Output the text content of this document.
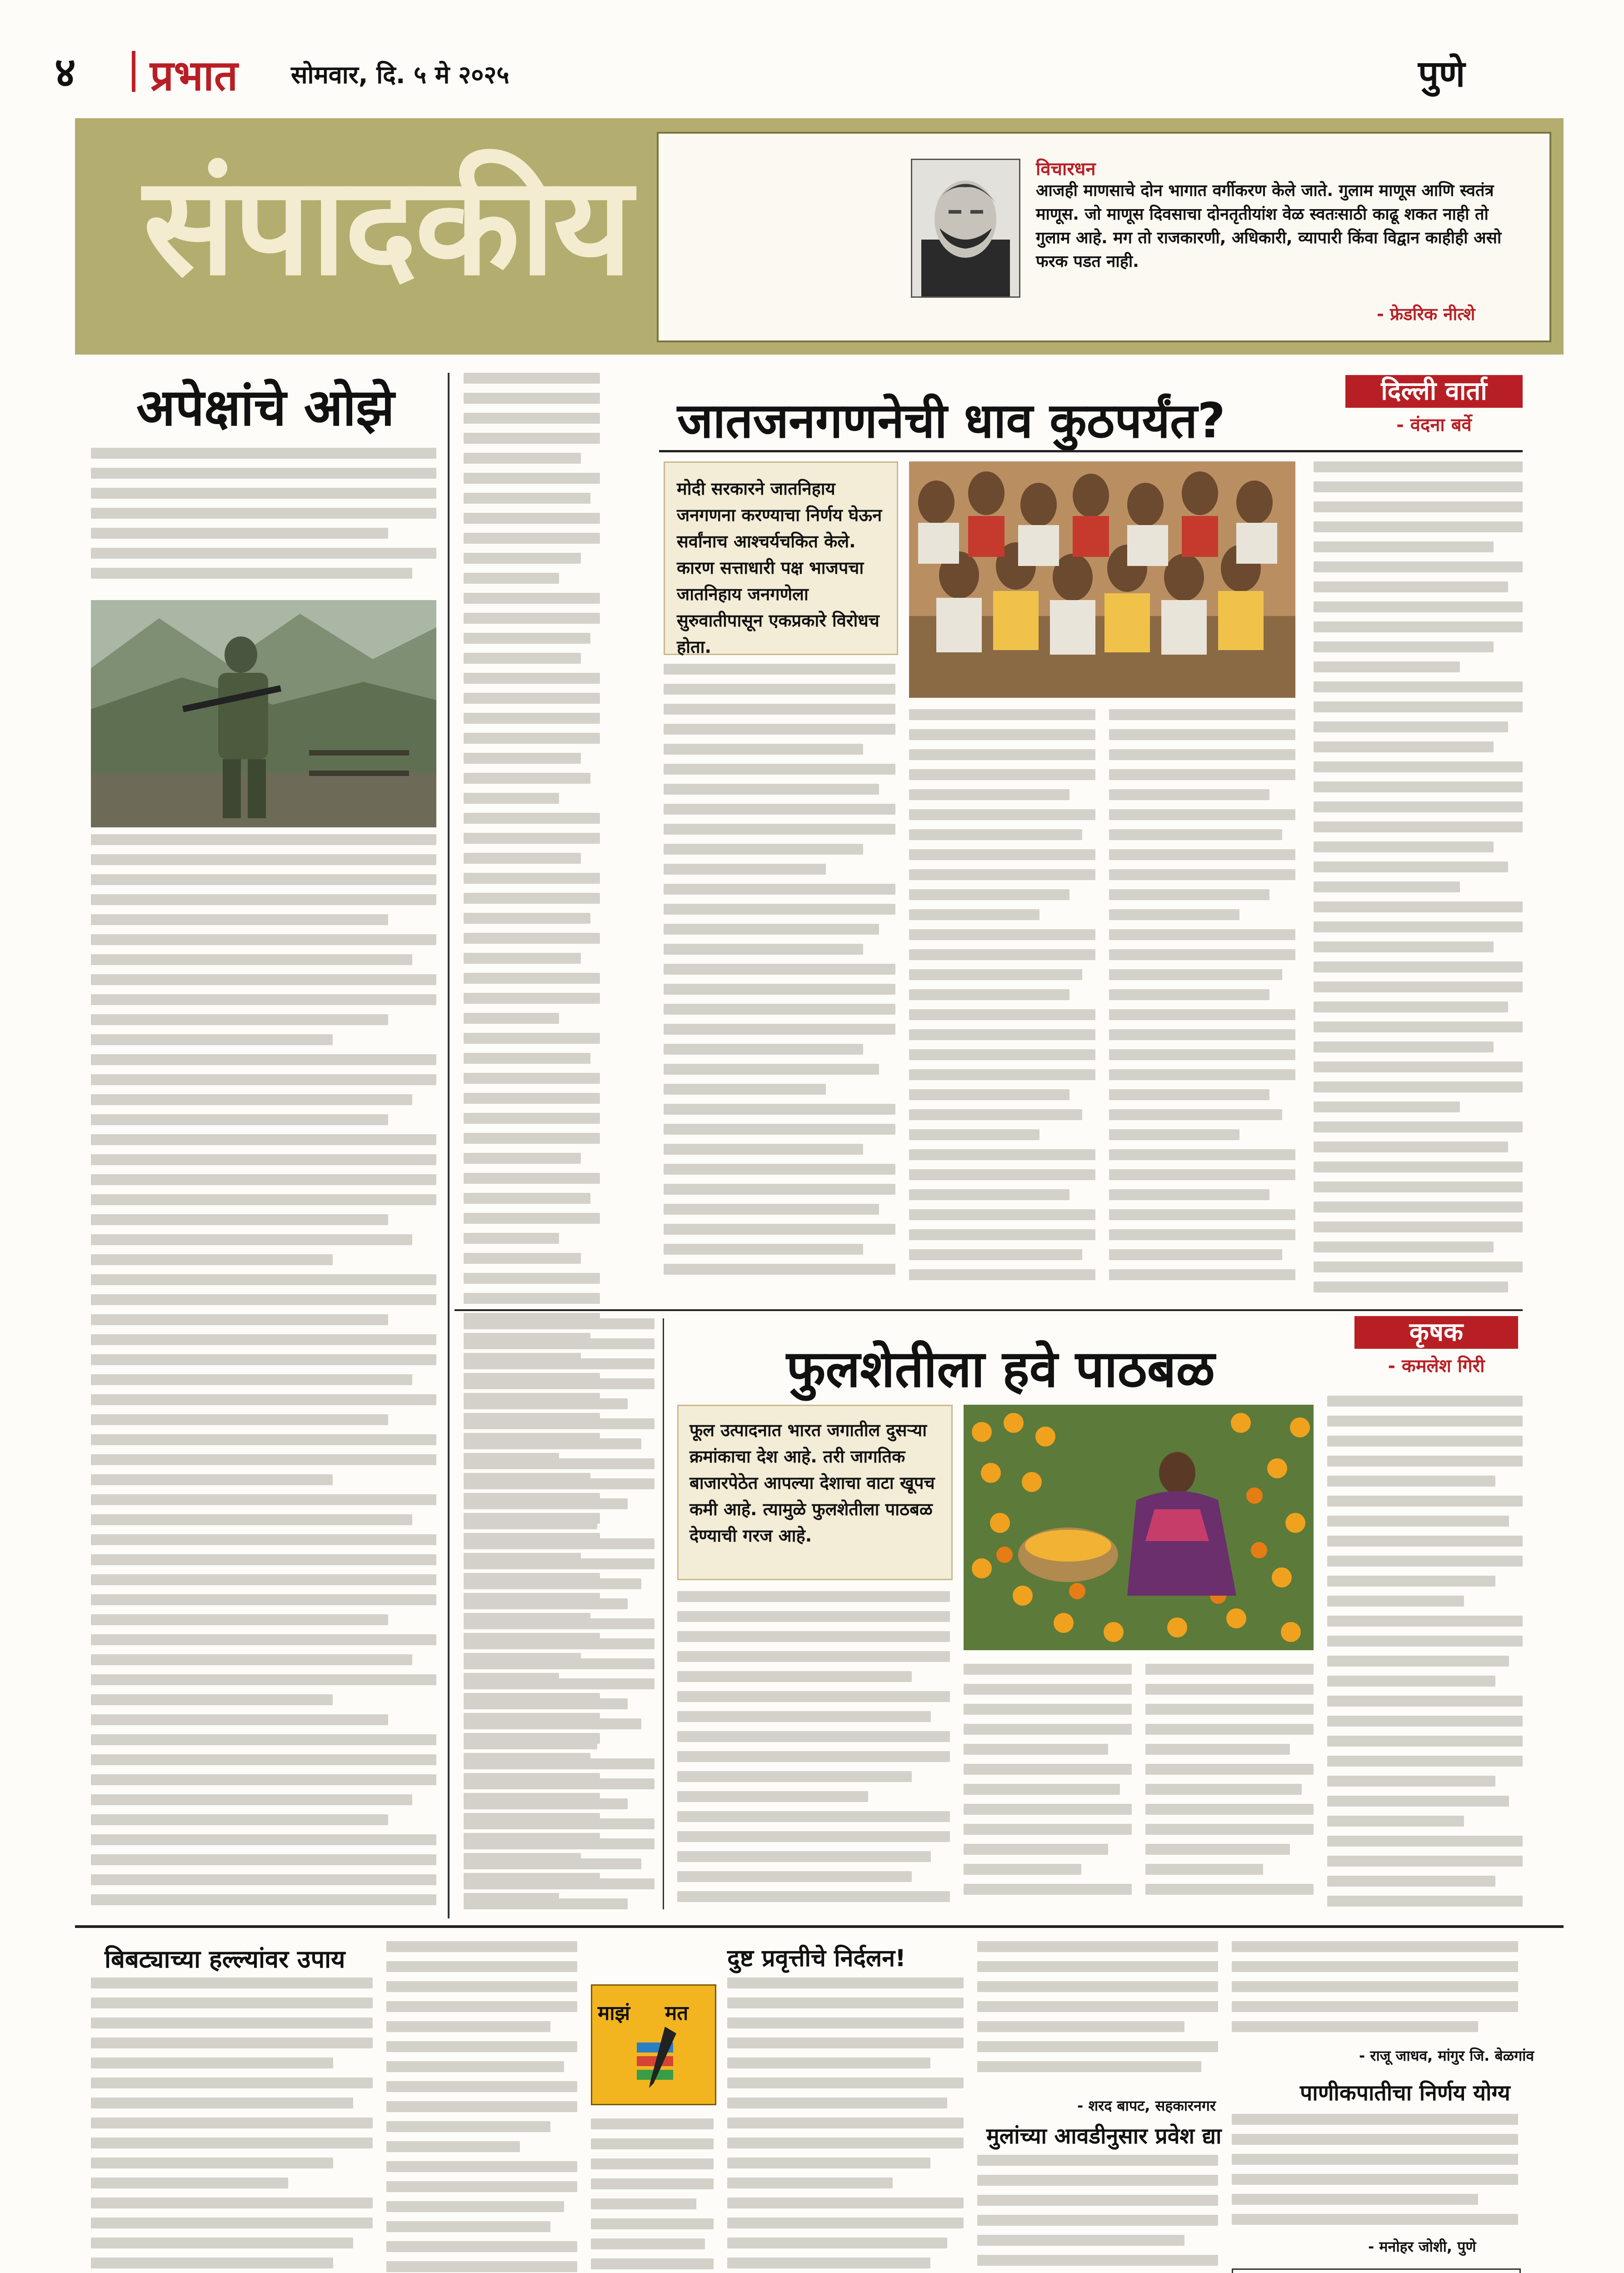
४ प्रभात सोमवार, दि. ५ मे २०२५	पुणे
संपादकीय	विचारधन
आजही माणसाचे दोन भागात वर्गीकरण केले जाते. गुलाम माणूस आणि स्वतंत्र माणूस. जो माणूस दिवसाचा दोनतृतीयांश वेळ स्वतःसाठी काढू शकत नाही तो गुलाम आहे. मग तो राजकारणी, अधिकारी, व्यापारी किंवा विद्वान काहीही असो फरक पडत नाही.
- फ्रेडरिक नीत्शे
अपेक्षांचे ओझे	जातजनगणनेची धाव कुठपर्यंत?
दिल्ली वार्ता
- वंदना बर्वे
मोदी सरकारने जातनिहाय जनगणना करण्याचा निर्णय घेऊन सर्वांनाच आश्चर्यचकित केले. कारण सत्ताधारी पक्ष भाजपचा जातनिहाय जनगणेला सुरुवातीपासून एकप्रकारे विरोधच होता.
फुलशेतीला हवे पाठबळ
कृषक
- कमलेश गिरी
फूल उत्पादनात भारत जगातील दुसऱ्या क्रमांकाचा देश आहे. तरी जागतिक बाजारपेठेत आपल्या देशाचा वाटा खूपच कमी आहे. त्यामुळे फुलशेतीला पाठबळ देण्याची गरज आहे.
बिबट्याच्या हल्ल्यांवर उपाय
माझं मत
दुष्ट प्रवृत्तीचे निर्दलन!
- शरद बापट, सहकारनगर
मुलांच्या आवडीनुसार प्रवेश द्या
- राजू जाधव, मांगुर जि. बेळगांव
पाणीकपातीचा निर्णय योग्य
- मनोहर जोशी, पुणे
